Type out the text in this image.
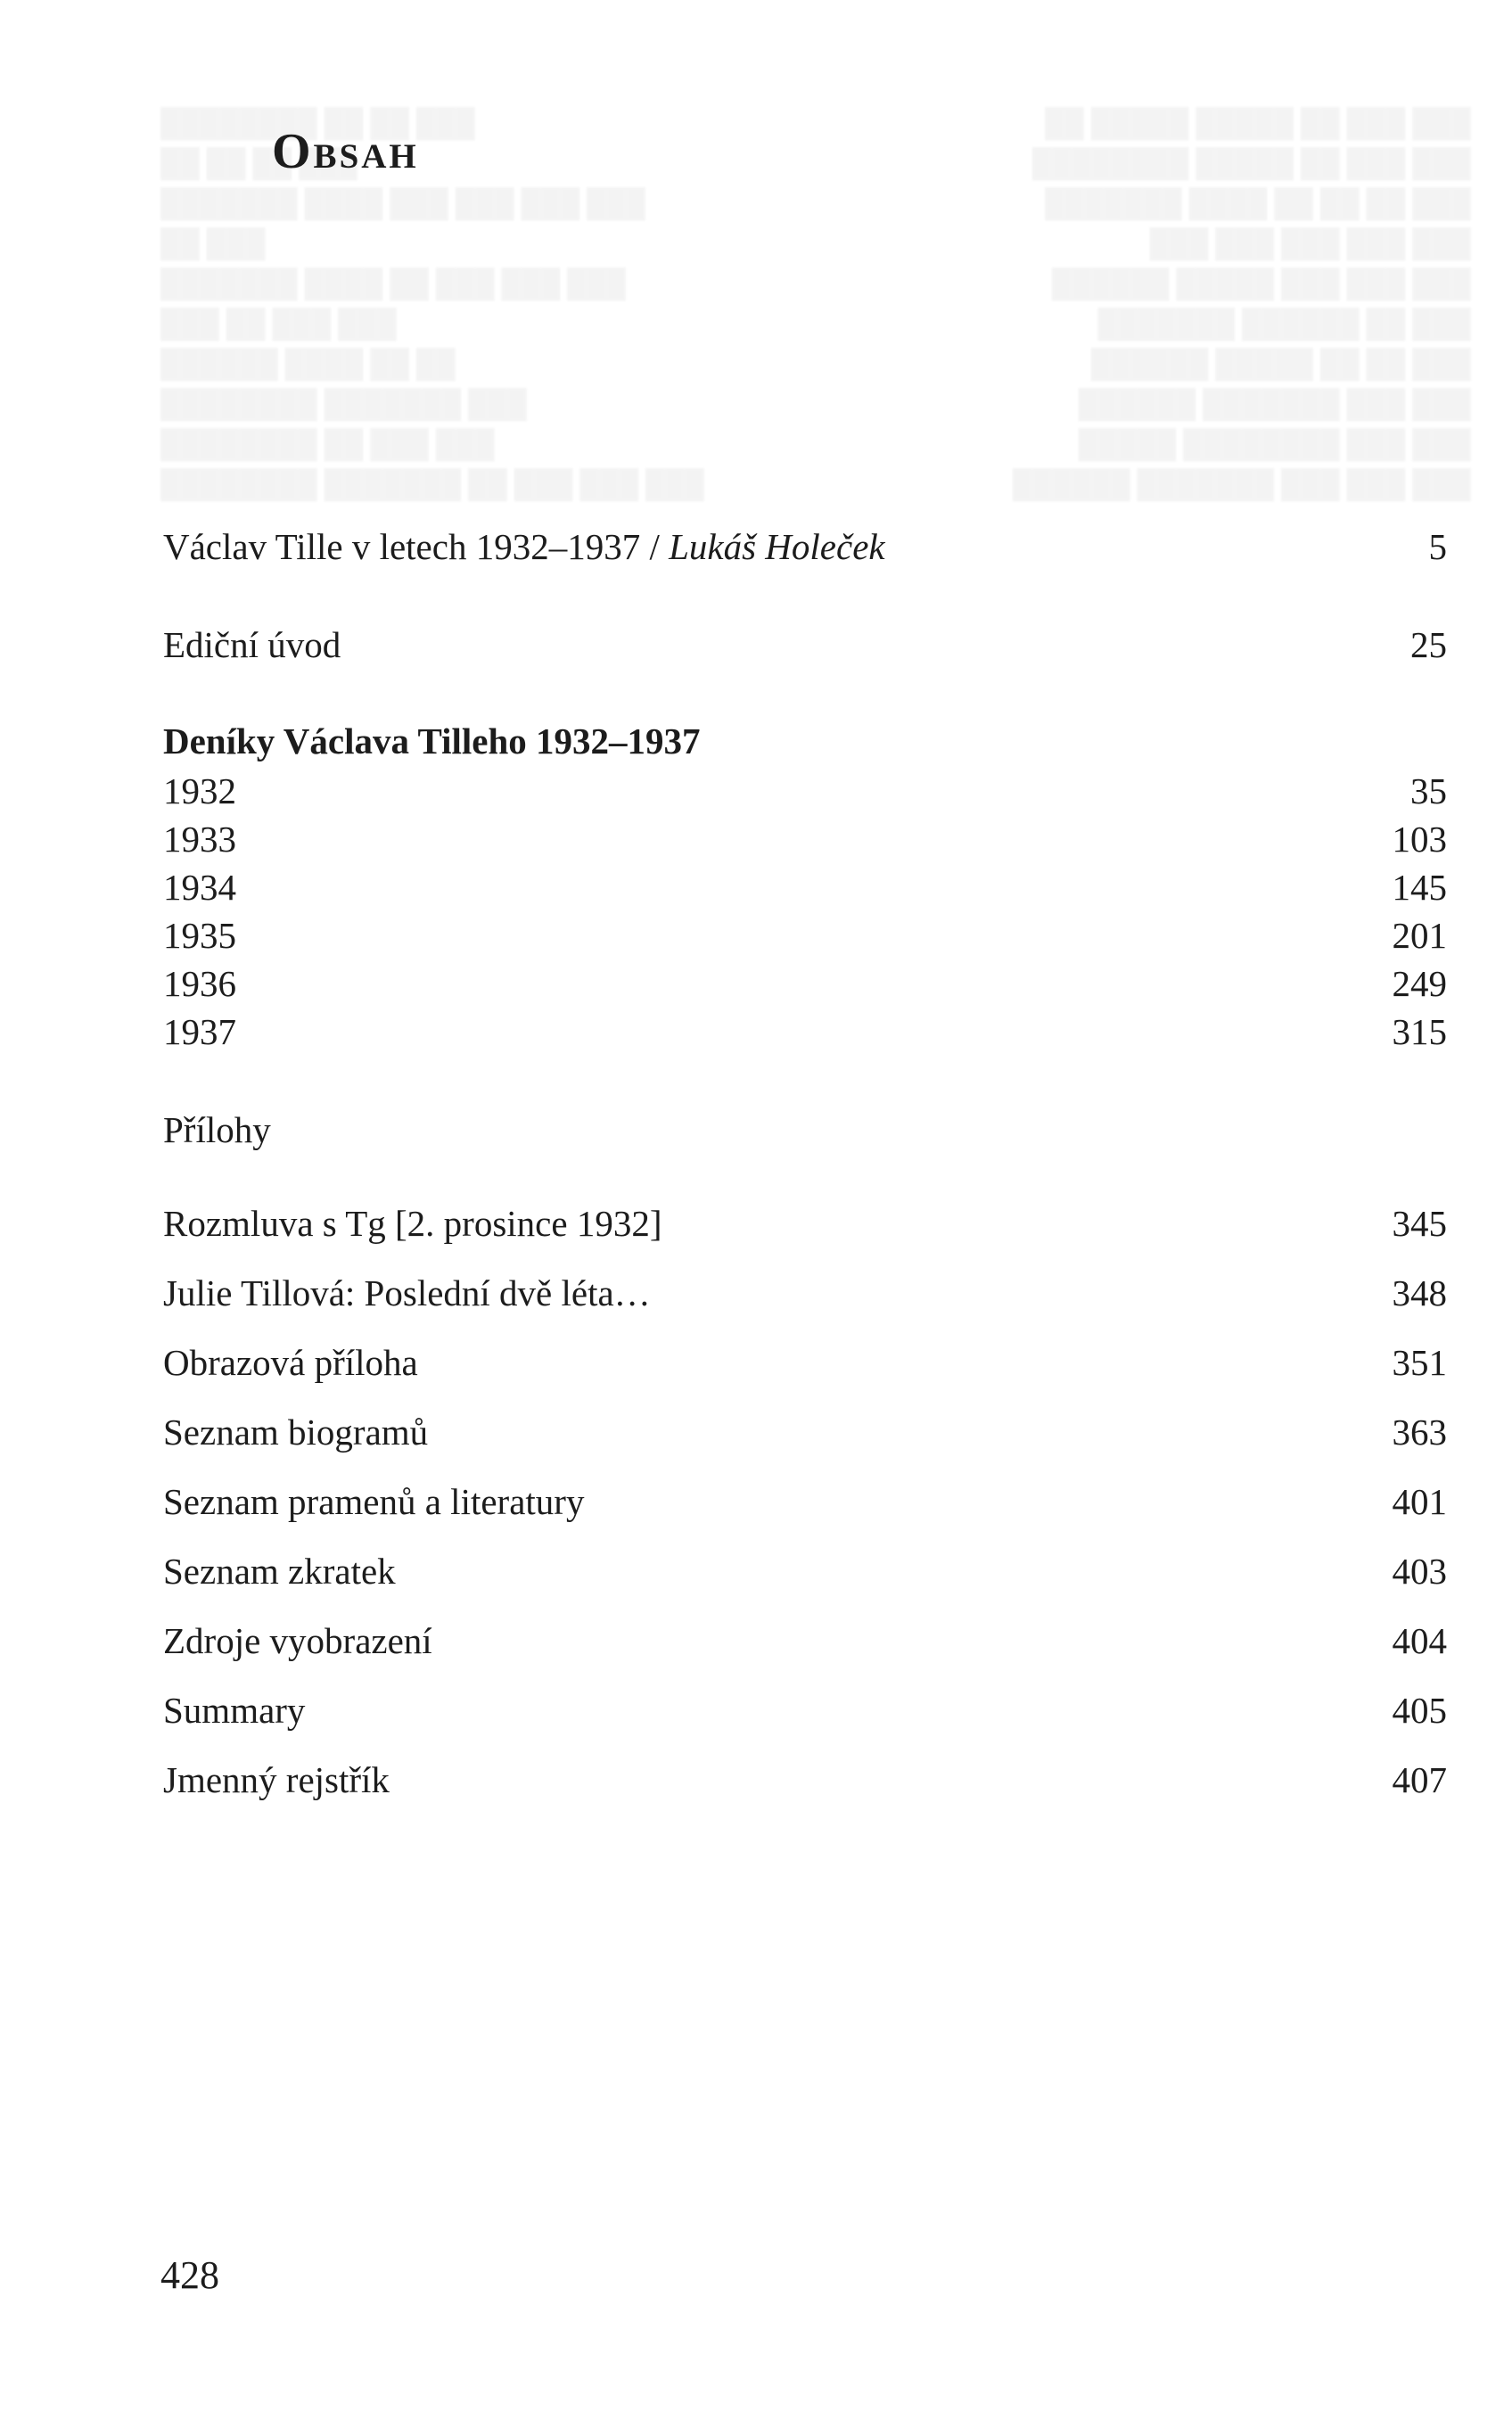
Obsah
Václav Tille v letech 1932–1937 / Lukáš Holeček	5
Ediční úvod	25
Deníky Václava Tilleho 1932–1937
1932	35
1933	103
1934	145
1935	201
1936	249
1937	315
Přílohy
Rozmluva s Tg [2. prosince 1932]	345
Julie Tillová: Poslední dvě léta…	348
Obrazová příloha	351
Seznam biogramů	363
Seznam pramenů a literatury	401
Seznam zkratek	403
Zdroje vyobrazení	404
Summary	405
Jmenný rejstřík	407
428
